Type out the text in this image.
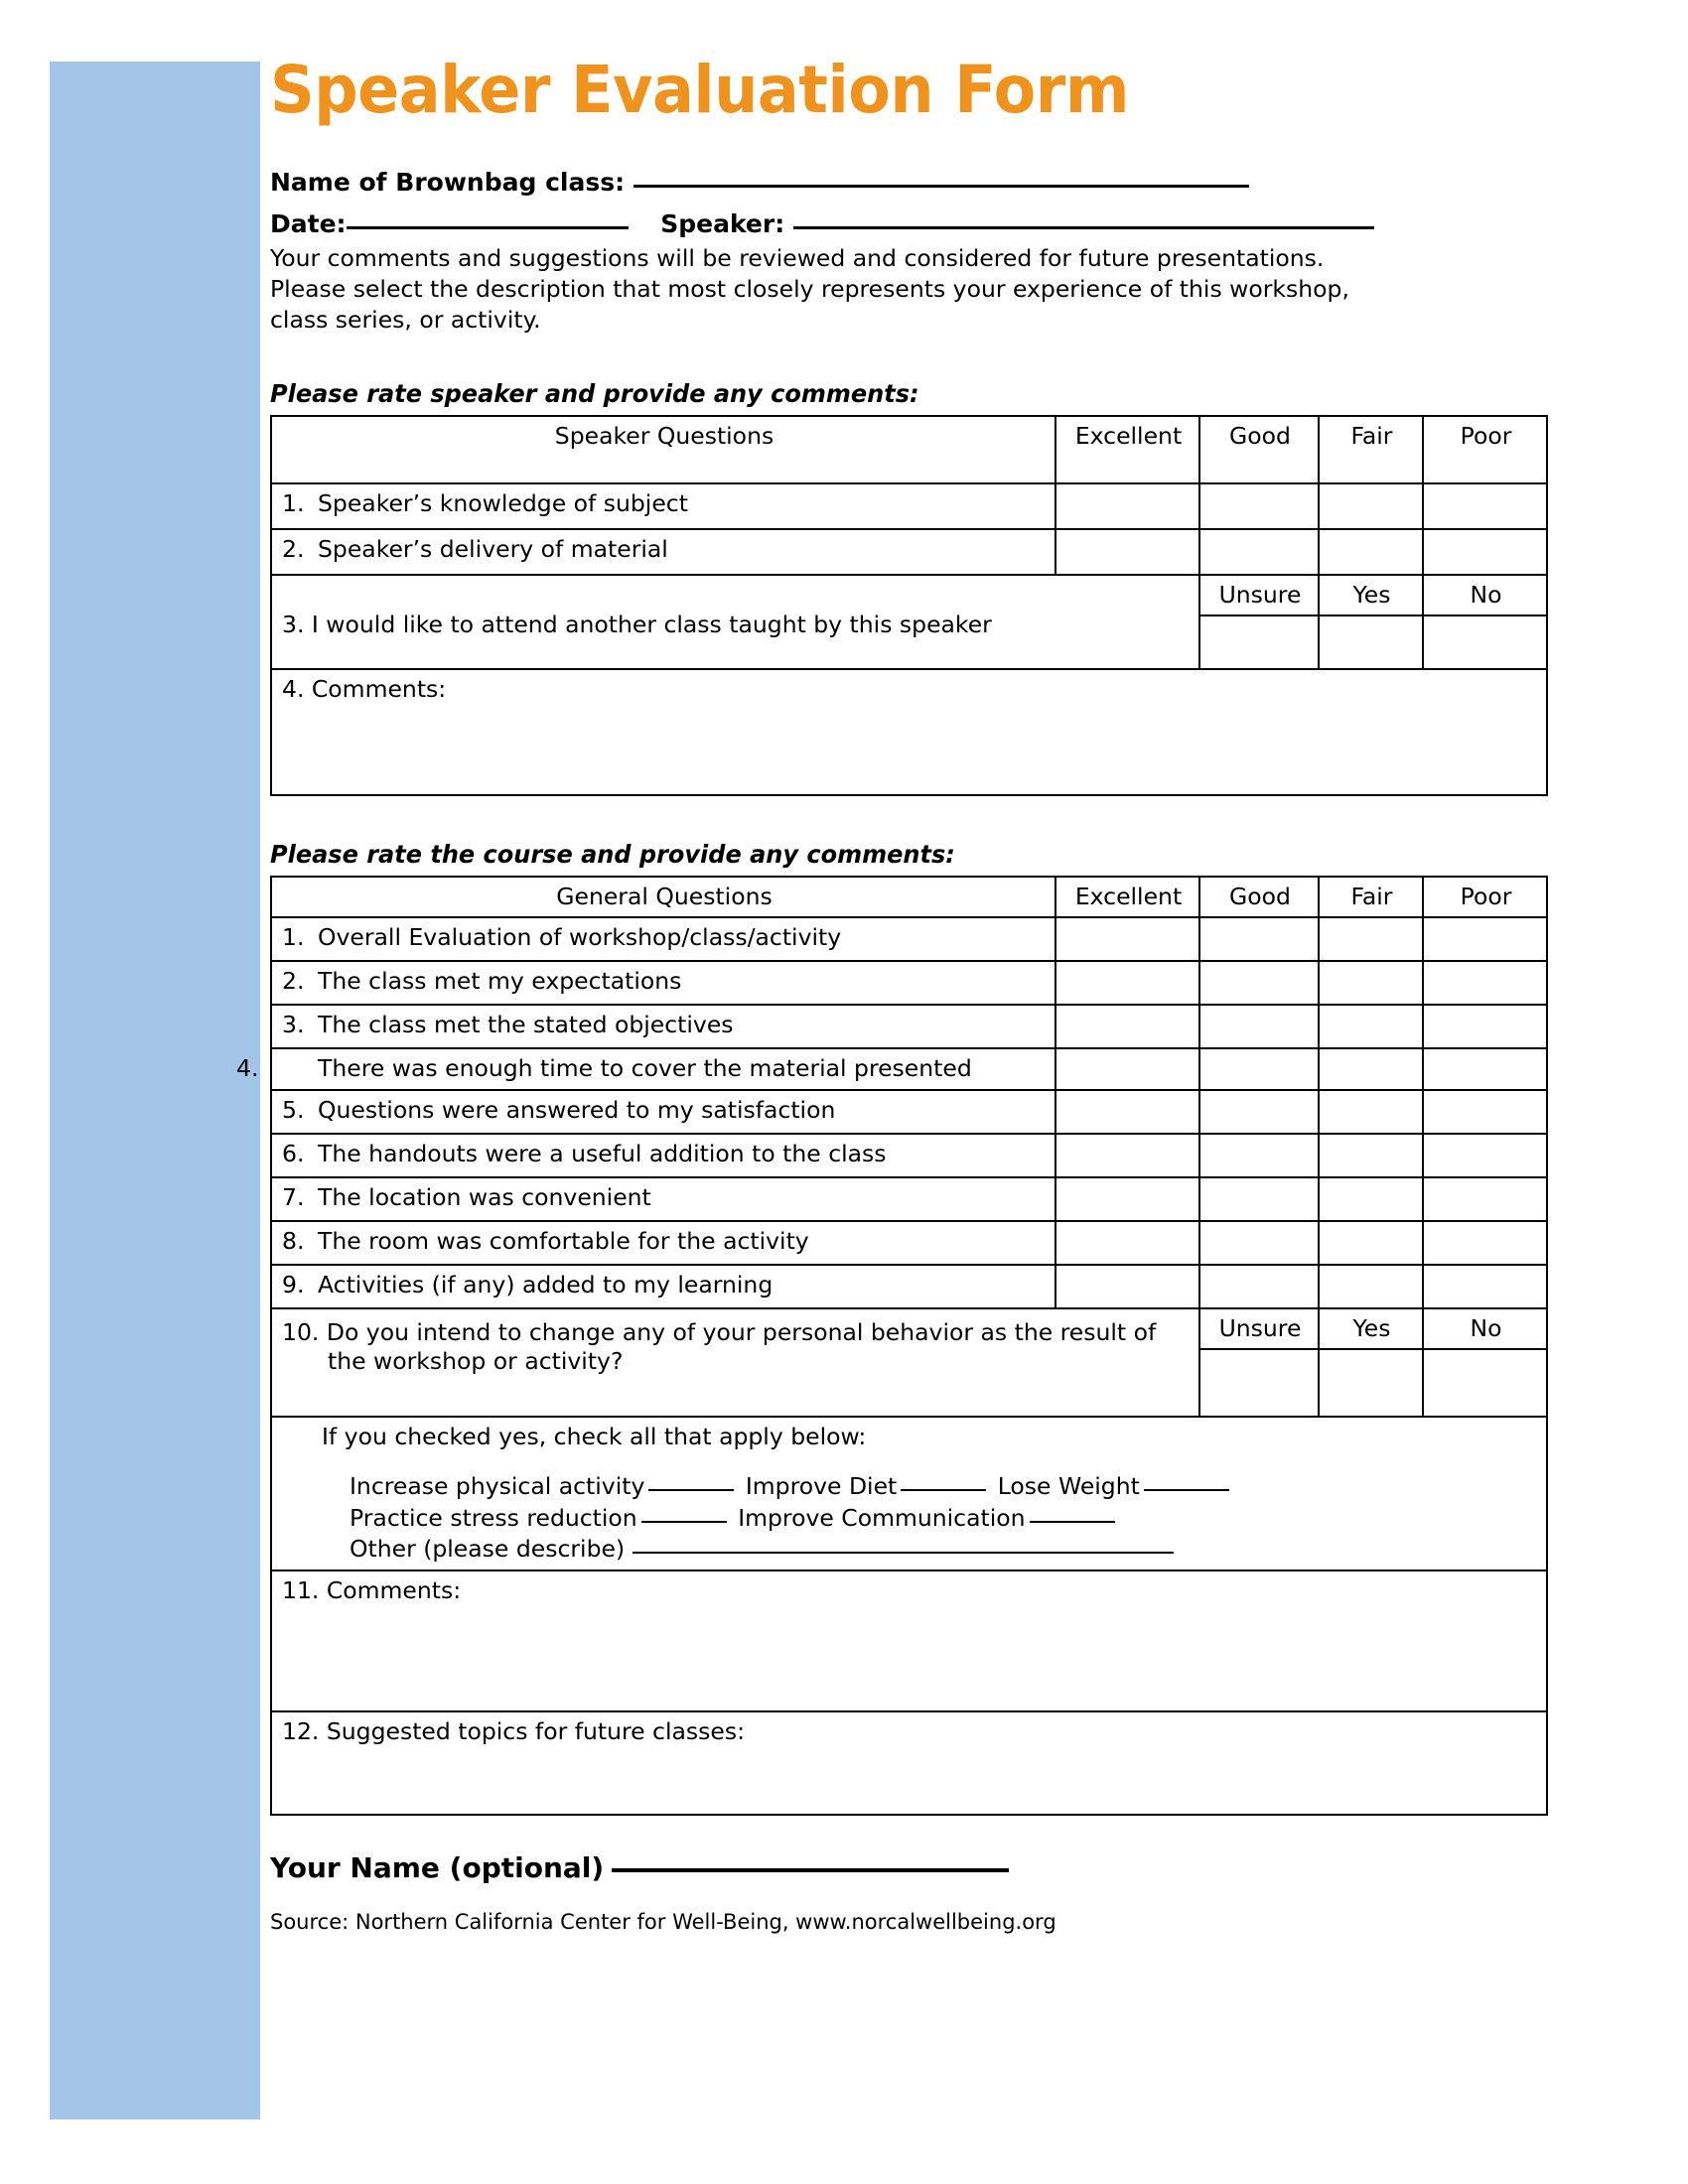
Speaker Evaluation Form

Name of Brownbag class:

Date:	Speaker:

Your comments and suggestions will be reviewed and considered for future presentations. Please select the description that most closely represents your experience of this workshop, class series, or activity.

Please rate speaker and provide any comments:

Speaker Questions	Excellent	Good	Fair	Poor
1. Speaker’s knowledge of subject				
2. Speaker’s delivery of material				
3. I would like to attend another class taught by this speaker		Unsure	Yes	No

4. Comments:				

Please rate the course and provide any comments:

General Questions	Excellent	Good	Fair	Poor
1. Overall Evaluation of workshop/class/activity				
2. The class met my expectations				
3. The class met the stated objectives				
4. There was enough time to cover the material presented				
5. Questions were answered to my satisfaction				
6. The handouts were a useful addition to the class				
7. The location was convenient				
8. The room was comfortable for the activity				
9. Activities (if any) added to my learning				
10. Do you intend to change any of your personal behavior as the result of the workshop or activity?		Unsure	Yes	No

If you checked yes, check all that apply below:
Increase physical activity Improve Diet Lose Weight
Practice stress reduction Improve Communication
Other (please describe)				

11. Comments:				
12. Suggested topics for future classes:				

Your Name (optional)

Source: Northern California Center for Well-Being, www.norcalwellbeing.org
